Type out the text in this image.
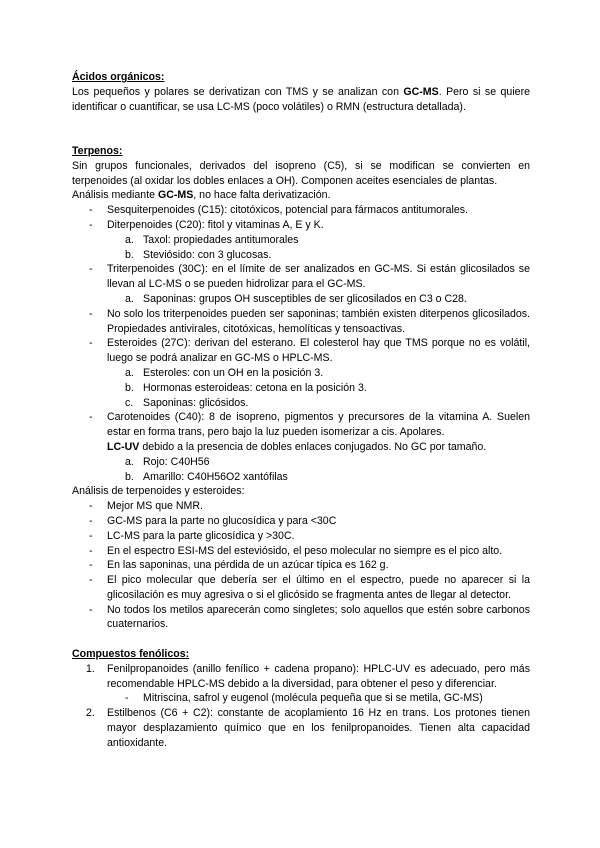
Ácidos orgánicos:
Los pequeños y polares se derivatizan con TMS y se analizan con GC-MS. Pero si se quiere identificar o cuantificar, se usa LC-MS (poco volátiles) o RMN (estructura detallada).
Terpenos:
Sin grupos funcionales, derivados del isopreno (C5), si se modifican se convierten en terpenoides (al oxidar los dobles enlaces a OH). Componen aceites esenciales de plantas.
Análisis mediante GC-MS, no hace falta derivatización.
- Sesquiterpenoides (C15): citotóxicos, potencial para fármacos antitumorales.
- Diterpenoides (C20): fitol y vitaminas A, E y K.
a. Taxol: propiedades antitumorales
b. Steviósido: con 3 glucosas.
- Triterpenoides (30C): en el límite de ser analizados en GC-MS. Si están glicosilados se llevan al LC-MS o se pueden hidrolizar para el GC-MS.
a. Saponinas: grupos OH susceptibles de ser glicosilados en C3 o C28.
- No solo los triterpenoides pueden ser saponinas; también existen diterpenos glicosilados. Propiedades antivirales, citotóxicas, hemolíticas y tensoactivas.
- Esteroides (27C): derivan del esterano. El colesterol hay que TMS porque no es volátil, luego se podrá analizar en GC-MS o HPLC-MS.
a. Esteroles: con un OH en la posición 3.
b. Hormonas esteroideas: cetona en la posición 3.
c. Saponinas: glicósidos.
- Carotenoides (C40): 8 de isopreno, pigmentos y precursores de la vitamina A. Suelen estar en forma trans, pero bajo la luz pueden isomerizar a cis. Apolares.
LC-UV debido a la presencia de dobles enlaces conjugados. No GC por tamaño.
a. Rojo: C40H56
b. Amarillo: C40H56O2 xantófilas
Análisis de terpenoides y esteroides:
- Mejor MS que NMR.
- GC-MS para la parte no glucosídica y para <30C
- LC-MS para la parte glicosídica y >30C.
- En el espectro ESI-MS del esteviósido, el peso molecular no siempre es el pico alto.
- En las saponinas, una pérdida de un azúcar típica es 162 g.
- El pico molecular que debería ser el último en el espectro, puede no aparecer si la glicosilación es muy agresiva o si el glicósido se fragmenta antes de llegar al detector.
- No todos los metilos aparecerán como singletes; solo aquellos que estén sobre carbonos cuaternarios.
Compuestos fenólicos:
1. Fenilpropanoides (anillo fenílico + cadena propano): HPLC-UV es adecuado, pero más recomendable HPLC-MS debido a la diversidad, para obtener el peso y diferenciar.
- Mitriscina, safrol y eugenol (molécula pequeña que si se metila, GC-MS)
2. Estilbenos (C6 + C2): constante de acoplamiento 16 Hz en trans. Los protones tienen mayor desplazamiento químico que en los fenilpropanoides. Tienen alta capacidad antioxidante.
